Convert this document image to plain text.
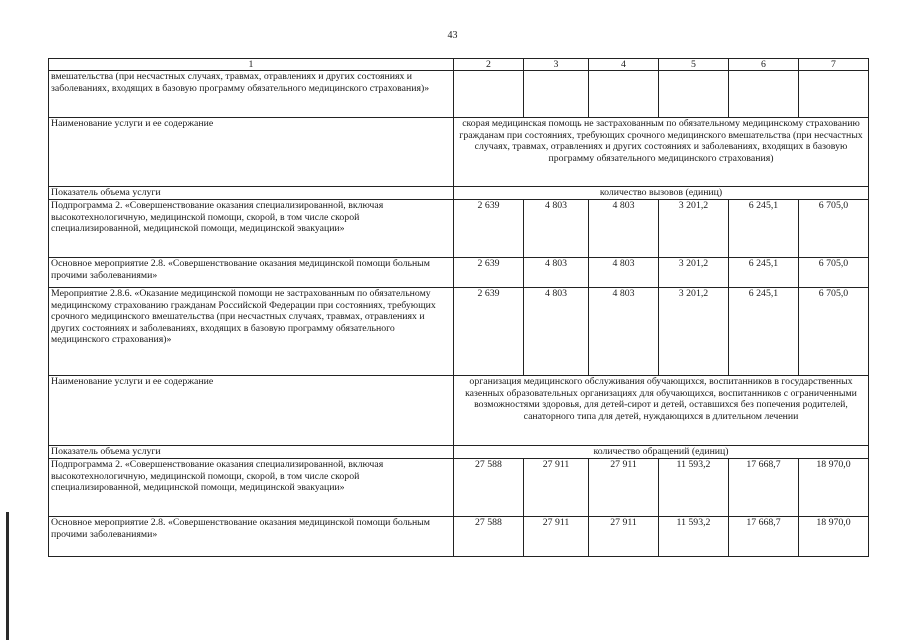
43
1	2	3	4	5	6	7
вмешательства (при несчастных случаях, травмах, отравлениях и других состояниях и заболеваниях, входящих в базовую программу обязательного медицинского страхования)»						
Наименование услуги и ее содержание	скорая медицинская помощь не застрахованным по обязательному медицинскому страхованию гражданам при состояниях, требующих срочного медицинского вмешательства (при несчастных случаях, травмах, отравлениях и других состояниях и заболеваниях, входящих в базовую программу обязательного медицинского страхования)					
Показатель объема услуги	количество вызовов (единиц)					
Подпрограмма 2. «Совершенствование оказания специализированной, включая высокотехнологичную, медицинской помощи, скорой, в том числе скорой специализированной, медицинской помощи, медицинской эвакуации»	2 639	4 803	4 803	3 201,2	6 245,1	6 705,0
Основное мероприятие 2.8. «Совершенствование оказания медицинской помощи больным прочими заболеваниями»	2 639	4 803	4 803	3 201,2	6 245,1	6 705,0
Мероприятие 2.8.6. «Оказание медицинской помощи не застрахованным по обязательному медицинскому страхованию гражданам Российской Федерации при состояниях, требующих срочного медицинского вмешательства (при несчастных случаях, травмах, отравлениях и других состояниях и заболеваниях, входящих в базовую программу обязательного медицинского страхования)»	2 639	4 803	4 803	3 201,2	6 245,1	6 705,0
Наименование услуги и ее содержание	организация медицинского обслуживания обучающихся, воспитанников в государственных казенных образовательных организациях для обучающихся, воспитанников с ограниченными возможностями здоровья, для детей-сирот и детей, оставшихся без попечения родителей, санаторного типа для детей, нуждающихся в длительном лечении					
Показатель объема услуги	количество обращений (единиц)					
Подпрограмма 2. «Совершенствование оказания специализированной, включая высокотехнологичную, медицинской помощи, скорой, в том числе скорой специализированной, медицинской помощи, медицинской эвакуации»	27 588	27 911	27 911	11 593,2	17 668,7	18 970,0
Основное мероприятие 2.8. «Совершенствование оказания медицинской помощи больным прочими заболеваниями»	27 588	27 911	27 911	11 593,2	17 668,7	18 970,0
